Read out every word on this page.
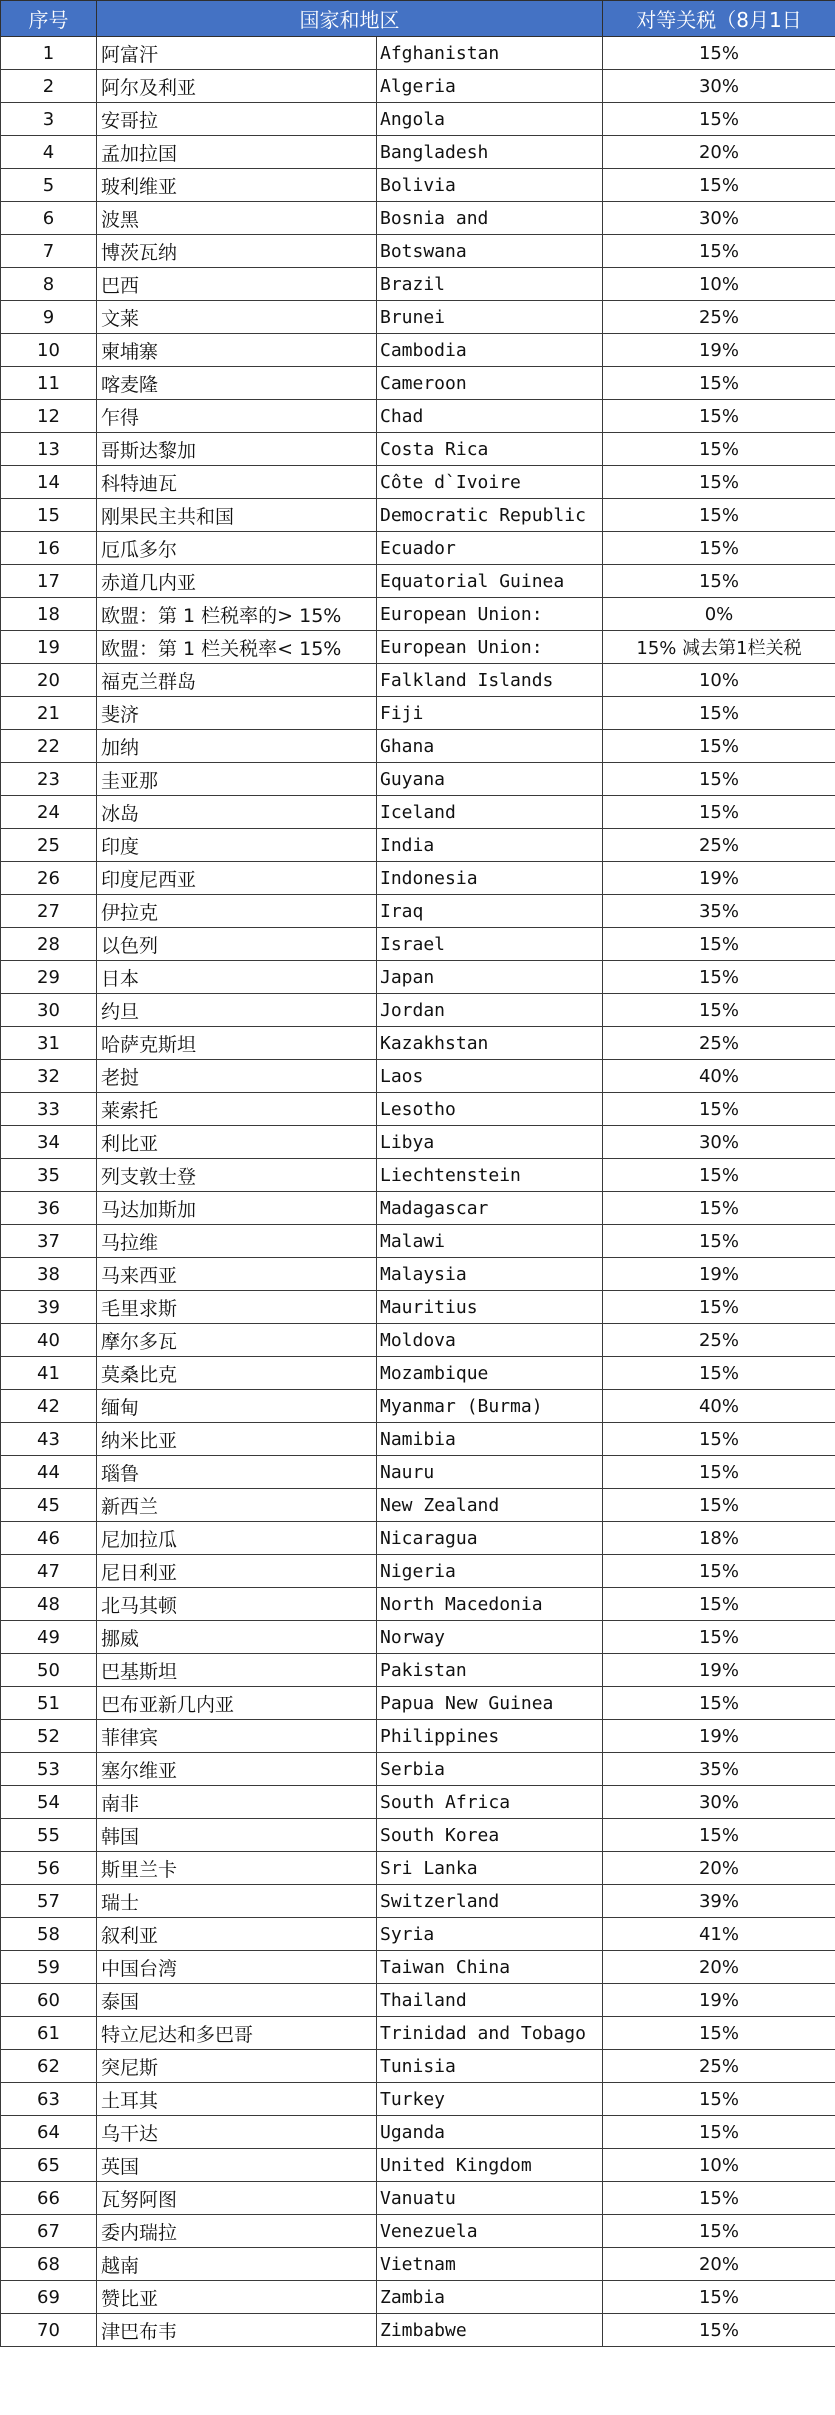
序号	国家和地区		对等关税（8月1日
1	阿富汗	Afghanistan	15%
2	阿尔及利亚	Algeria	30%
3	安哥拉	Angola	15%
4	孟加拉国	Bangladesh	20%
5	玻利维亚	Bolivia	15%
6	波黑	Bosnia and	30%
7	博茨瓦纳	Botswana	15%
8	巴西	Brazil	10%
9	文莱	Brunei	25%
10	柬埔寨	Cambodia	19%
11	喀麦隆	Cameroon	15%
12	乍得	Chad	15%
13	哥斯达黎加	Costa Rica	15%
14	科特迪瓦	Côte d`Ivoire	15%
15	刚果民主共和国	Democratic Republic	15%
16	厄瓜多尔	Ecuador	15%
17	赤道几内亚	Equatorial Guinea	15%
18	欧盟：第 1 栏税率的> 15%	European Union:	0%
19	欧盟：第 1 栏关税率< 15%	European Union:	15% 减去第1栏关税
20	福克兰群岛	Falkland Islands	10%
21	斐济	Fiji	15%
22	加纳	Ghana	15%
23	圭亚那	Guyana	15%
24	冰岛	Iceland	15%
25	印度	India	25%
26	印度尼西亚	Indonesia	19%
27	伊拉克	Iraq	35%
28	以色列	Israel	15%
29	日本	Japan	15%
30	约旦	Jordan	15%
31	哈萨克斯坦	Kazakhstan	25%
32	老挝	Laos	40%
33	莱索托	Lesotho	15%
34	利比亚	Libya	30%
35	列支敦士登	Liechtenstein	15%
36	马达加斯加	Madagascar	15%
37	马拉维	Malawi	15%
38	马来西亚	Malaysia	19%
39	毛里求斯	Mauritius	15%
40	摩尔多瓦	Moldova	25%
41	莫桑比克	Mozambique	15%
42	缅甸	Myanmar (Burma)	40%
43	纳米比亚	Namibia	15%
44	瑙鲁	Nauru	15%
45	新西兰	New Zealand	15%
46	尼加拉瓜	Nicaragua	18%
47	尼日利亚	Nigeria	15%
48	北马其顿	North Macedonia	15%
49	挪威	Norway	15%
50	巴基斯坦	Pakistan	19%
51	巴布亚新几内亚	Papua New Guinea	15%
52	菲律宾	Philippines	19%
53	塞尔维亚	Serbia	35%
54	南非	South Africa	30%
55	韩国	South Korea	15%
56	斯里兰卡	Sri Lanka	20%
57	瑞士	Switzerland	39%
58	叙利亚	Syria	41%
59	中国台湾	Taiwan China	20%
60	泰国	Thailand	19%
61	特立尼达和多巴哥	Trinidad and Tobago	15%
62	突尼斯	Tunisia	25%
63	土耳其	Turkey	15%
64	乌干达	Uganda	15%
65	英国	United Kingdom	10%
66	瓦努阿图	Vanuatu	15%
67	委内瑞拉	Venezuela	15%
68	越南	Vietnam	20%
69	赞比亚	Zambia	15%
70	津巴布韦	Zimbabwe	15%
